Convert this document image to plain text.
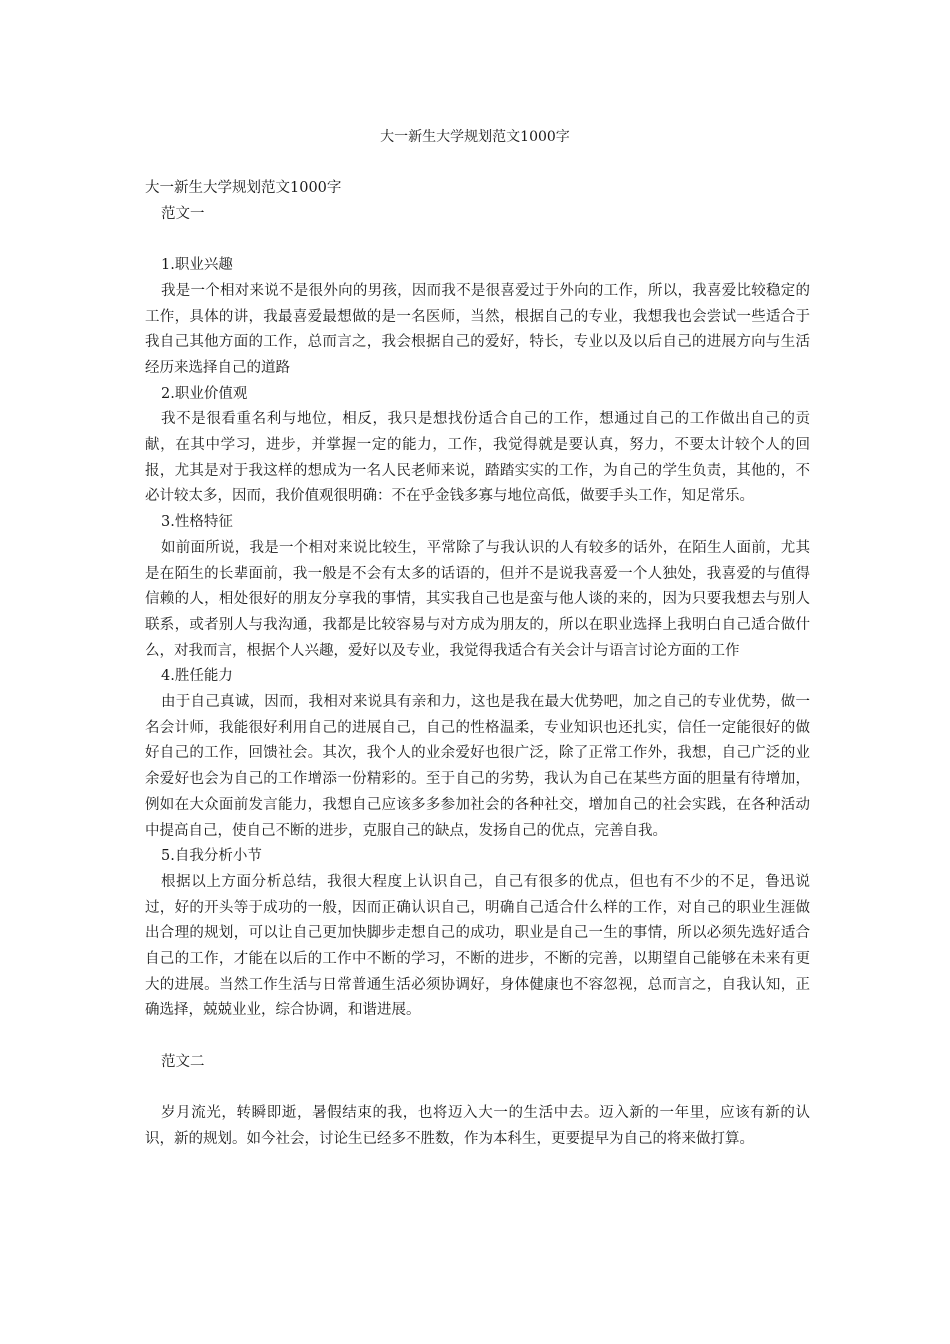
大一新生大学规划范文1000字

大一新生大学规划范文1000字

范文一

1.职业兴趣

我是一个相对来说不是很外向的男孩，因而我不是很喜爱过于外向的工作，所以，我喜爱比较稳定的工作，具体的讲，我最喜爱最想做的是一名医师，当然，根据自己的专业，我想我也会尝试一些适合于我自己其他方面的工作，总而言之，我会根据自己的爱好，特长，专业以及以后自己的进展方向与生活经历来选择自己的道路

2.职业价值观

我不是很看重名利与地位，相反，我只是想找份适合自己的工作，想通过自己的工作做出自己的贡献，在其中学习，进步，并掌握一定的能力，工作，我觉得就是要认真，努力，不要太计较个人的回报，尤其是对于我这样的想成为一名人民老师来说，踏踏实实的工作，为自己的学生负责，其他的，不必计较太多，因而，我价值观很明确：不在乎金钱多寡与地位高低，做要手头工作，知足常乐。

3.性格特征

如前面所说，我是一个相对来说比较生，平常除了与我认识的人有较多的话外，在陌生人面前，尤其是在陌生的长辈面前，我一般是不会有太多的话语的，但并不是说我喜爱一个人独处，我喜爱的与值得信赖的人，相处很好的朋友分享我的事情，其实我自己也是蛮与他人谈的来的，因为只要我想去与别人联系，或者别人与我沟通，我都是比较容易与对方成为朋友的，所以在职业选择上我明白自己适合做什么，对我而言，根据个人兴趣，爱好以及专业，我觉得我适合有关会计与语言讨论方面的工作

4.胜任能力

由于自己真诚，因而，我相对来说具有亲和力，这也是我在最大优势吧，加之自己的专业优势，做一名会计师，我能很好利用自己的进展自己，自己的性格温柔，专业知识也还扎实，信任一定能很好的做好自己的工作，回馈社会。其次，我个人的业余爱好也很广泛，除了正常工作外，我想，自己广泛的业余爱好也会为自己的工作增添一份精彩的。至于自己的劣势，我认为自己在某些方面的胆量有待增加，例如在大众面前发言能力，我想自己应该多多参加社会的各种社交，增加自己的社会实践，在各种活动中提高自己，使自己不断的进步，克服自己的缺点，发扬自己的优点，完善自我。

5.自我分析小节

根据以上方面分析总结，我很大程度上认识自己，自己有很多的优点，但也有不少的不足，鲁迅说过，好的开头等于成功的一般，因而正确认识自己，明确自己适合什么样的工作，对自己的职业生涯做出合理的规划，可以让自己更加快脚步走想自己的成功，职业是自己一生的事情，所以必须先选好适合自己的工作，才能在以后的工作中不断的学习，不断的进步，不断的完善，以期望自己能够在未来有更大的进展。当然工作生活与日常普通生活必须协调好，身体健康也不容忽视，总而言之，自我认知，正确选择，兢兢业业，综合协调，和谐进展。

范文二

岁月流光，转瞬即逝，暑假结束的我，也将迈入大一的生活中去。迈入新的一年里，应该有新的认识，新的规划。如今社会，讨论生已经多不胜数，作为本科生，更要提早为自己的将来做打算。
